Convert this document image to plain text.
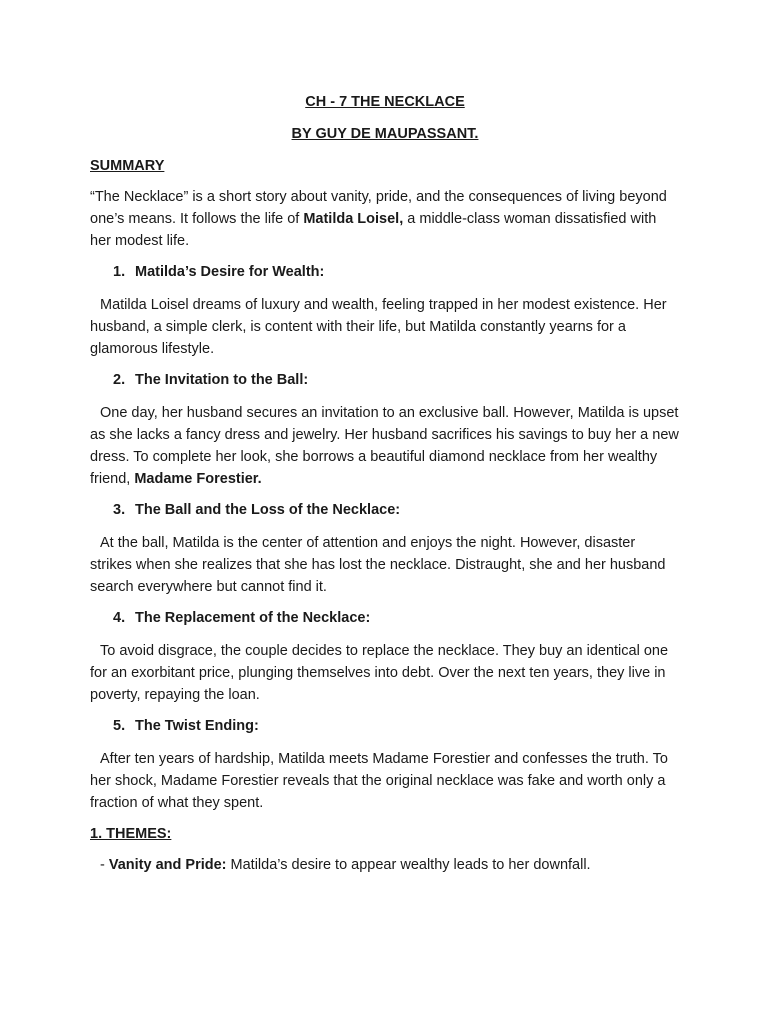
CH - 7 THE NECKLACE

BY GUY DE MAUPASSANT.

SUMMARY

“The Necklace” is a short story about vanity, pride, and the consequences of living beyond one’s means. It follows the life of Matilda Loisel, a middle-class woman dissatisfied with her modest life.

1. Matilda’s Desire for Wealth:

Matilda Loisel dreams of luxury and wealth, feeling trapped in her modest existence. Her husband, a simple clerk, is content with their life, but Matilda constantly yearns for a glamorous lifestyle.

2. The Invitation to the Ball:

One day, her husband secures an invitation to an exclusive ball. However, Matilda is upset as she lacks a fancy dress and jewelry. Her husband sacrifices his savings to buy her a new dress. To complete her look, she borrows a beautiful diamond necklace from her wealthy friend, Madame Forestier.

3. The Ball and the Loss of the Necklace:

At the ball, Matilda is the center of attention and enjoys the night. However, disaster strikes when she realizes that she has lost the necklace. Distraught, she and her husband search everywhere but cannot find it.

4. The Replacement of the Necklace:

To avoid disgrace, the couple decides to replace the necklace. They buy an identical one for an exorbitant price, plunging themselves into debt. Over the next ten years, they live in poverty, repaying the loan.

5. The Twist Ending:

After ten years of hardship, Matilda meets Madame Forestier and confesses the truth. To her shock, Madame Forestier reveals that the original necklace was fake and worth only a fraction of what they spent.

1. THEMES:

- Vanity and Pride: Matilda’s desire to appear wealthy leads to her downfall.
